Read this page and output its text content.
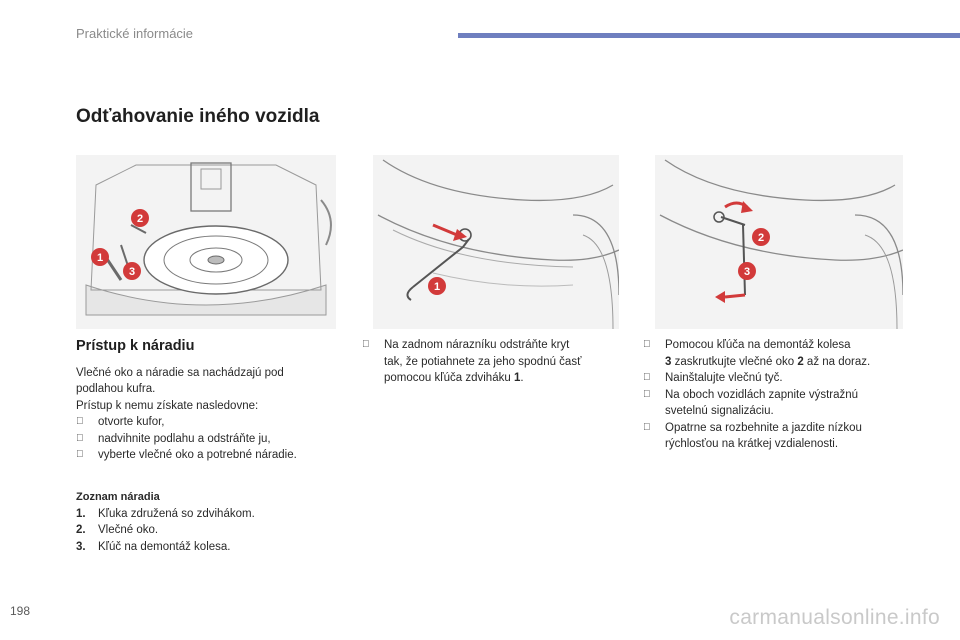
Praktické informácie
Odťahovanie iného vozidla
1
2
3
1
2
3
Prístup k náradiu
Vlečné oko a náradie sa nachádzajú pod
podlahou kufra.
Prístup k nemu získate nasledovne:
otvorte kufor,
nadvihnite podlahu a odstráňte ju,
vyberte vlečné oko a potrebné náradie.
Zoznam náradia
1. Kľuka združená so zdvihákom.
2. Vlečné oko.
3. Kľúč na demontáž kolesa.
Na zadnom nárazníku odstráňte kryt
tak, že potiahnete za jeho spodnú časť
pomocou kľúča zdviháku 1.
Pomocou kľúča na demontáž kolesa
3 zaskrutkujte vlečné oko 2 až na doraz.
Nainštalujte vlečnú tyč.
Na oboch vozidlách zapnite výstražnú
svetelnú signalizáciu.
Opatrne sa rozbehnite a jazdite nízkou
rýchlosťou na krátkej vzdialenosti.
198	carmanualsonline.info
